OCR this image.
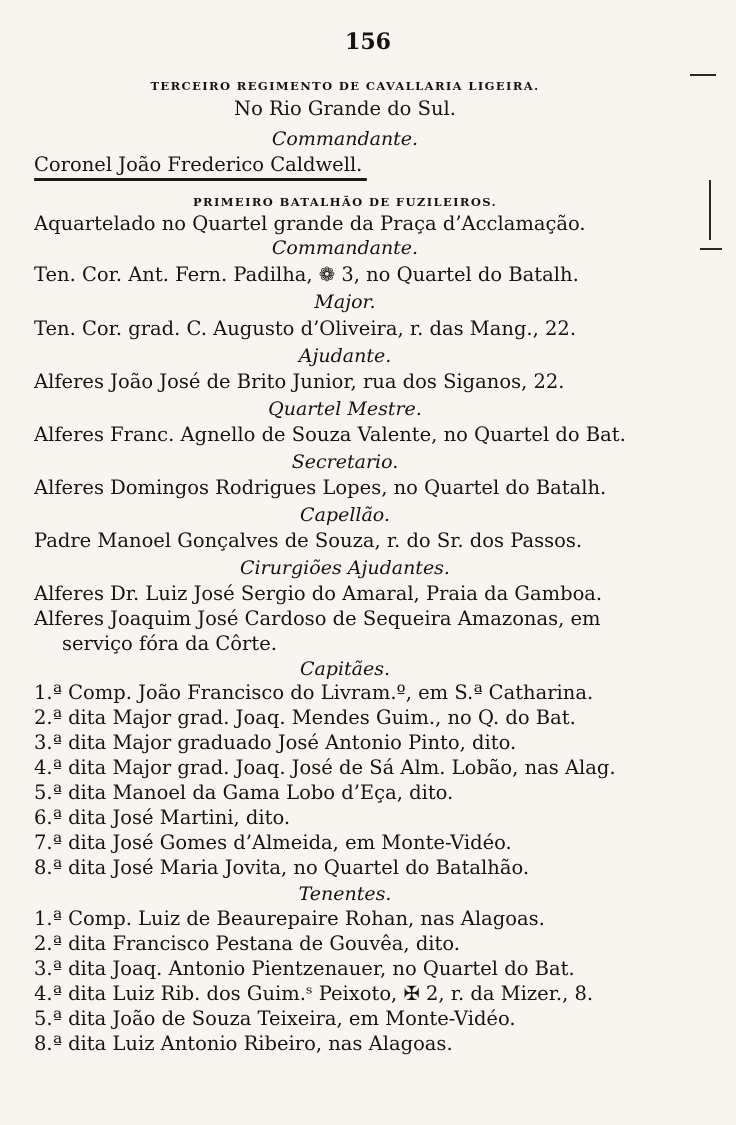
156
TERCEIRO REGIMENTO DE CAVALLARIA LIGEIRA.
No Rio Grande do Sul.
Commandante.
Coronel João Frederico Caldwell.
PRIMEIRO BATALHÃO DE FUZILEIROS.
Aquartelado no Quartel grande da Praça d’Acclamação.
Commandante.
Ten. Cor. Ant. Fern. Padilha, ❁ 3, no Quartel do Batalh.
Major.
Ten. Cor. grad. C. Augusto d’Oliveira, r. das Mang., 22.
Ajudante.
Alferes João José de Brito Junior, rua dos Siganos, 22.
Quartel Mestre.
Alferes Franc. Agnello de Souza Valente, no Quartel do Bat.
Secretario.
Alferes Domingos Rodrigues Lopes, no Quartel do Batalh.
Capellão.
Padre Manoel Gonçalves de Souza, r. do Sr. dos Passos.
Cirurgiões Ajudantes.
Alferes Dr. Luiz José Sergio do Amaral, Praia da Gamboa.
Alferes Joaquim José Cardoso de Sequeira Amazonas, em
serviço fóra da Côrte.
Capitães.
1.ª Comp. João Francisco do Livram.º, em S.ª Catharina.
2.ª dita Major grad. Joaq. Mendes Guim., no Q. do Bat.
3.ª dita Major graduado José Antonio Pinto, dito.
4.ª dita Major grad. Joaq. José de Sá Alm. Lobão, nas Alag.
5.ª dita Manoel da Gama Lobo d’Eça, dito.
6.ª dita José Martini, dito.
7.ª dita José Gomes d’Almeida, em Monte-Vidéo.
8.ª dita José Maria Jovita, no Quartel do Batalhão.
Tenentes.
1.ª Comp. Luiz de Beaurepaire Rohan, nas Alagoas.
2.ª dita Francisco Pestana de Gouvêa, dito.
3.ª dita Joaq. Antonio Pientzenauer, no Quartel do Bat.
4.ª dita Luiz Rib. dos Guim.ˢ Peixoto, ✠ 2, r. da Mizer., 8.
5.ª dita João de Souza Teixeira, em Monte-Vidéo.
8.ª dita Luiz Antonio Ribeiro, nas Alagoas.
